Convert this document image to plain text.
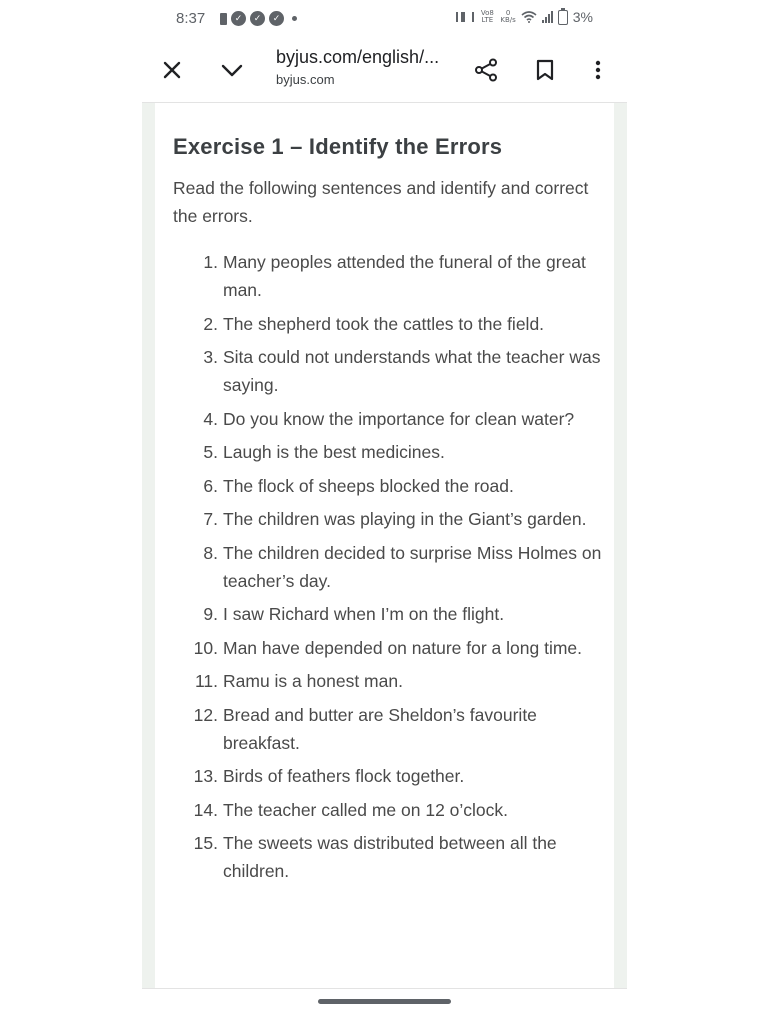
8:37	✓	✓	✓	Vo8 LTE
0
KB/s	3%
byjus.com/english/...
byjus.com
Exercise 1 – Identify the Errors

Read the following sentences and identify and correct the errors.

1. Many peoples attended the funeral of the great man.
2. The shepherd took the cattles to the field.
3. Sita could not understands what the teacher was saying.
4. Do you know the importance for clean water?
5. Laugh is the best medicines.
6. The flock of sheeps blocked the road.
7. The children was playing in the Giant’s garden.
8. The children decided to surprise Miss Holmes on teacher’s day.
9. I saw Richard when I’m on the flight.
10. Man have depended on nature for a long time.
11. Ramu is a honest man.
12. Bread and butter are Sheldon’s favourite breakfast.
13. Birds of feathers flock together.
14. The teacher called me on 12 o’clock.
15. The sweets was distributed between all the children.
